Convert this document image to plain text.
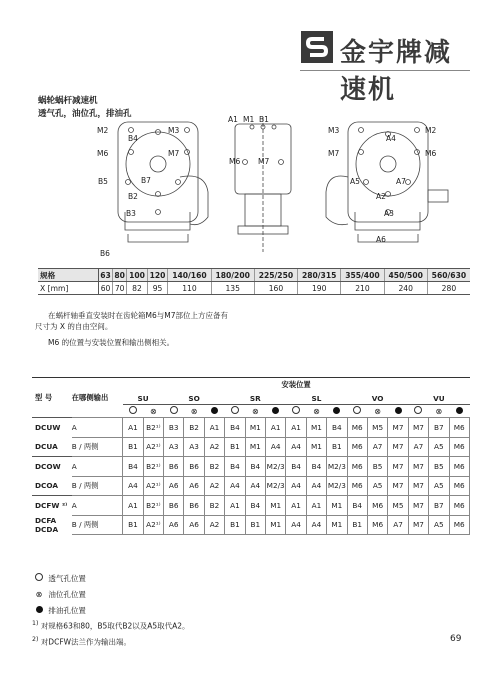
金宇牌减速机
蜗轮蜗杆减速机
透气孔，油位孔，排油孔
M2	M3
B4
M6	M7
B5	B7
B2
B3
B6
A1 M1 B1
M6 M7
M3	M2
A4
M7	M6
A5	A7
A2
A3
A6
规格	63	80	100	120	140/160	180/200	225/250	280/315	355/400	450/500	560/630
X [mm]	60	70	82	95	110	135	160	190	210	240	280
在蜗杆轴垂直安装时在齿轮箱M6与M7部位上方应备有
尺寸为 X 的自由空间。
M6 的位置与安装位置和输出侧相关。
		安装位置																
型 号	在哪侧输出	SU		SO			SR			SL			VO			VU		
			⊗		⊗			⊗			⊗			⊗			⊗	
DCUW	A	A1	B2¹⁾	B3	B2	A1	B4	M1	A1	A1	M1	B4	M6	M5	M7	M7	B7	M6
DCUA	B / 两侧	B1	A2¹⁾	A3	A3	A2	B1	M1	A4	A4	M1	B1	M6	A7	M7	A7	A5	M6
DCOW	A	B4	B2¹⁾	B6	B6	B2	B4	B4	M2/3	B4	B4	M2/3	M6	B5	M7	M7	B5	M6
DCOA	B / 两侧	A4	A2¹⁾	A6	A6	A2	A4	A4	M2/3	A4	A4	M2/3	M6	A5	M7	M7	A5	M6
DCFW ²⁾	A	A1	B2¹⁾	B6	B6	B2	A1	B4	M1	A1	A1	M1	B4	M6	M5	M7	B7	M6
DCFA DCDA	B / 两侧	B1	A2¹⁾	A6	A6	A2	B1	B1	M1	A4	A4	M1	B1	M6	A7	M7	A5	M6
透气孔位置
⊗ 油位孔位置
排油孔位置
$^{1)}$ 对规格63和80，B5取代B2以及A5取代A2。
$^{2)}$ 对DCFW法兰作为输出端。	69
